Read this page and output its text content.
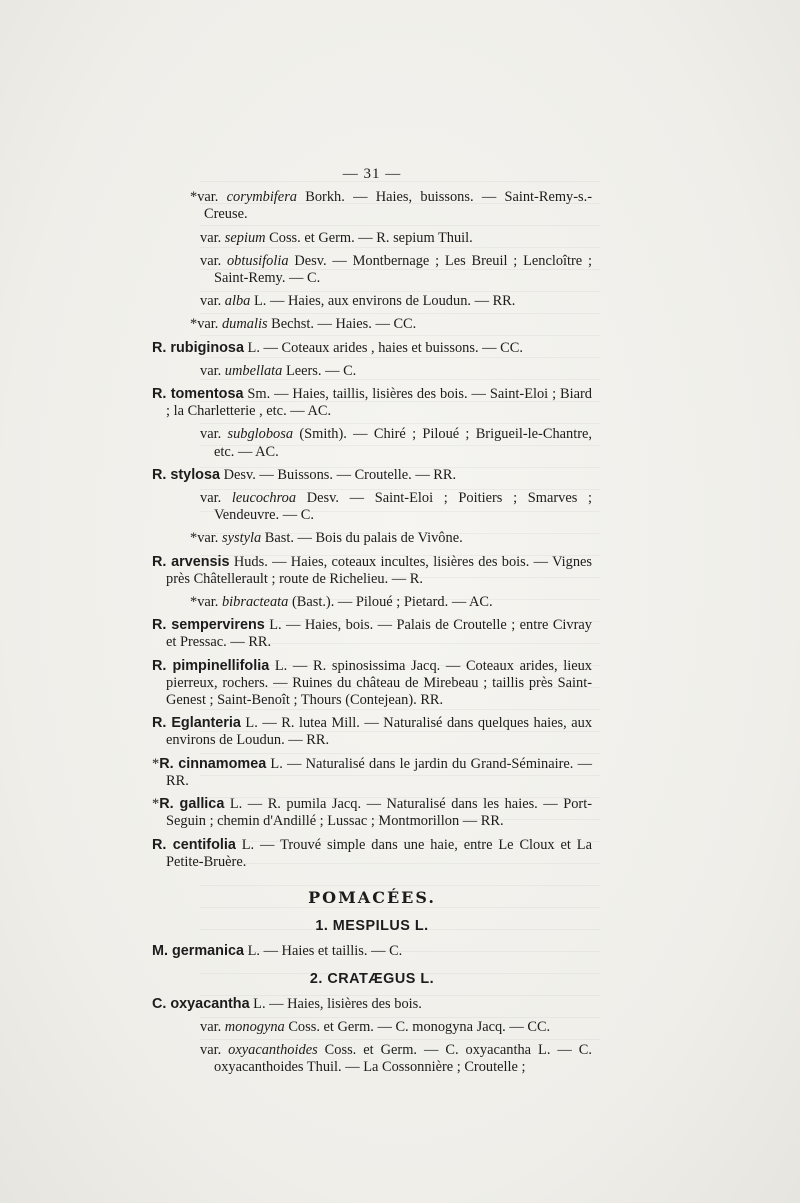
— 31 —
*var. corymbifera Borkh. — Haies, buissons. — Saint-Remy-s.-Creuse.
var. sepium Coss. et Germ. — R. sepium Thuil.
var. obtusifolia Desv. — Montbernage ; Les Breuil ; Lencloître ; Saint-Remy. — C.
var. alba L. — Haies, aux environs de Loudun. — RR.
*var. dumalis Bechst. — Haies. — CC.
R. rubiginosa L. — Coteaux arides , haies et buissons. — CC.
var. umbellata Leers. — C.
R. tomentosa Sm. — Haies, taillis, lisières des bois. — Saint-Eloi ; Biard ; la Charletterie , etc. — AC.
var. subglobosa (Smith). — Chiré ; Piloué ; Brigueil-le-Chantre, etc. — AC.
R. stylosa Desv. — Buissons. — Croutelle. — RR.
var. leucochroa Desv. — Saint-Eloi ; Poitiers ; Smarves ; Vendeuvre. — C.
*var. systyla Bast. — Bois du palais de Vivône.
R. arvensis Huds. — Haies, coteaux incultes, lisières des bois. — Vignes près Châtellerault ; route de Richelieu. — R.
*var. bibracteata (Bast.). — Piloué ; Pietard. — AC.
R. sempervirens L. — Haies, bois. — Palais de Croutelle ; entre Civray et Pressac. — RR.
R. pimpinellifolia L. — R. spinosissima Jacq. — Coteaux arides, lieux pierreux, rochers. — Ruines du château de Mirebeau ; taillis près Saint-Genest ; Saint-Benoît ; Thours (Contejean). RR.
R. Eglanteria L. — R. lutea Mill. — Naturalisé dans quelques haies, aux environs de Loudun. — RR.
*R. cinnamomea L. — Naturalisé dans le jardin du Grand-Séminaire. — RR.
*R. gallica L. — R. pumila Jacq. — Naturalisé dans les haies. — Port-Seguin ; chemin d'Andillé ; Lussac ; Montmorillon — RR.
R. centifolia L. — Trouvé simple dans une haie, entre Le Cloux et La Petite-Bruère.
POMACÉES.
1. MESPILUS L.
M. germanica L. — Haies et taillis. — C.
2. CRATÆGUS L.
C. oxyacantha L. — Haies, lisières des bois.
var. monogyna Coss. et Germ. — C. monogyna Jacq. — CC.
var. oxyacanthoides Coss. et Germ. — C. oxyacantha L. — C. oxyacanthoides Thuil. — La Cossonnière ; Croutelle ;
